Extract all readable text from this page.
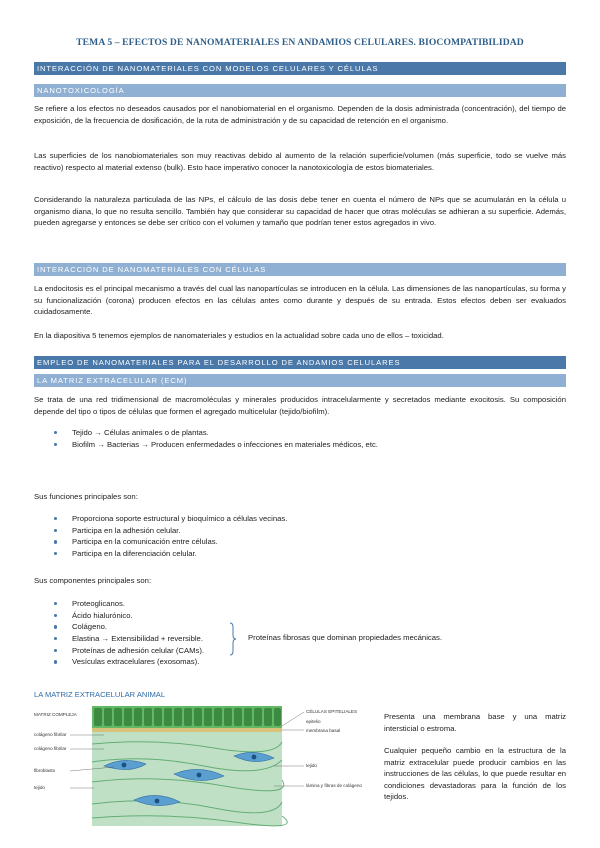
TEMA 5 – EFECTOS DE NANOMATERIALES EN ANDAMIOS CELULARES. BIOCOMPATIBILIDAD
INTERACCIÓN DE NANOMATERIALES CON MODELOS CELULARES Y CÉLULAS
NANOTOXICOLOGÍA
Se refiere a los efectos no deseados causados por el nanobiomaterial en el organismo. Dependen de la dosis administrada (concentración), del tiempo de exposición, de la frecuencia de dosificación, de la ruta de administración y de su capacidad de retención en el organismo.
Las superficies de los nanobiomateriales son muy reactivas debido al aumento de la relación superficie/volumen (más superficie, todo se vuelve más reactivo) respecto al material extenso (bulk). Esto hace imperativo conocer la nanotoxicología de estos biomateriales.
Considerando la naturaleza particulada de las NPs, el cálculo de las dosis debe tener en cuenta el número de NPs que se acumularán en la célula u organismo diana, lo que no resulta sencillo. También hay que considerar su capacidad de hacer que otras moléculas se adhieran a su superficie. Además, pueden agregarse y entonces se debe ser crítico con el volumen y tamaño que podrían tener estos agregados in vivo.
INTERACCIÓN DE NANOMATERIALES CON CÉLULAS
La endocitosis es el principal mecanismo a través del cual las nanopartículas se introducen en la célula. Las dimensiones de las nanopartículas, su forma y su funcionalización (corona) producen efectos en las células antes como durante y después de su entrada. Estos efectos deben ser evaluados cuidadosamente.
En la diapositiva 5 tenemos ejemplos de nanomateriales y estudios en la actualidad sobre cada uno de ellos – toxicidad.
EMPLEO DE NANOMATERIALES PARA EL DESARROLLO DE ANDAMIOS CELULARES
LA MATRIZ EXTRACELULAR (ECM)
Se trata de una red tridimensional de macromoléculas y minerales producidos intracelularmente y secretados mediante exocitosis. Su composición depende del tipo o tipos de células que formen el agregado multicelular (tejido/biofilm).
Tejido → Células animales o de plantas.
Biofilm → Bacterias → Producen enfermedades o infecciones en materiales médicos, etc.
Sus funciones principales son:
Proporciona soporte estructural y bioquímico a células vecinas.
Participa en la adhesión celular.
Participa en la comunicación entre células.
Participa en la diferenciación celular.
Sus componentes principales son:
Proteoglicanos.
Ácido hialurónico.
Colágeno.
Elastina → Extensibilidad + reversible.
Proteínas de adhesión celular (CAMs).
Vesículas extracelulares (exosomas).
Proteínas fibrosas que dominan propiedades mecánicas.
LA MATRIZ EXTRACELULAR ANIMAL
MATRIZ COMPLEJA
colágeno fibrilar
colágeno fibrilar
fibroblasto
tejido
CÉLULAS EPITELIALES
epitelio
membrana basal
tejido
lámina y fibras de colágeno
Presenta una membrana base y una matriz intersticial o estroma.
Cualquier pequeño cambio en la estructura de la matriz extracelular puede producir cambios en las instrucciones de las células, lo que puede resultar en condiciones devastadoras para la función de los tejidos.
